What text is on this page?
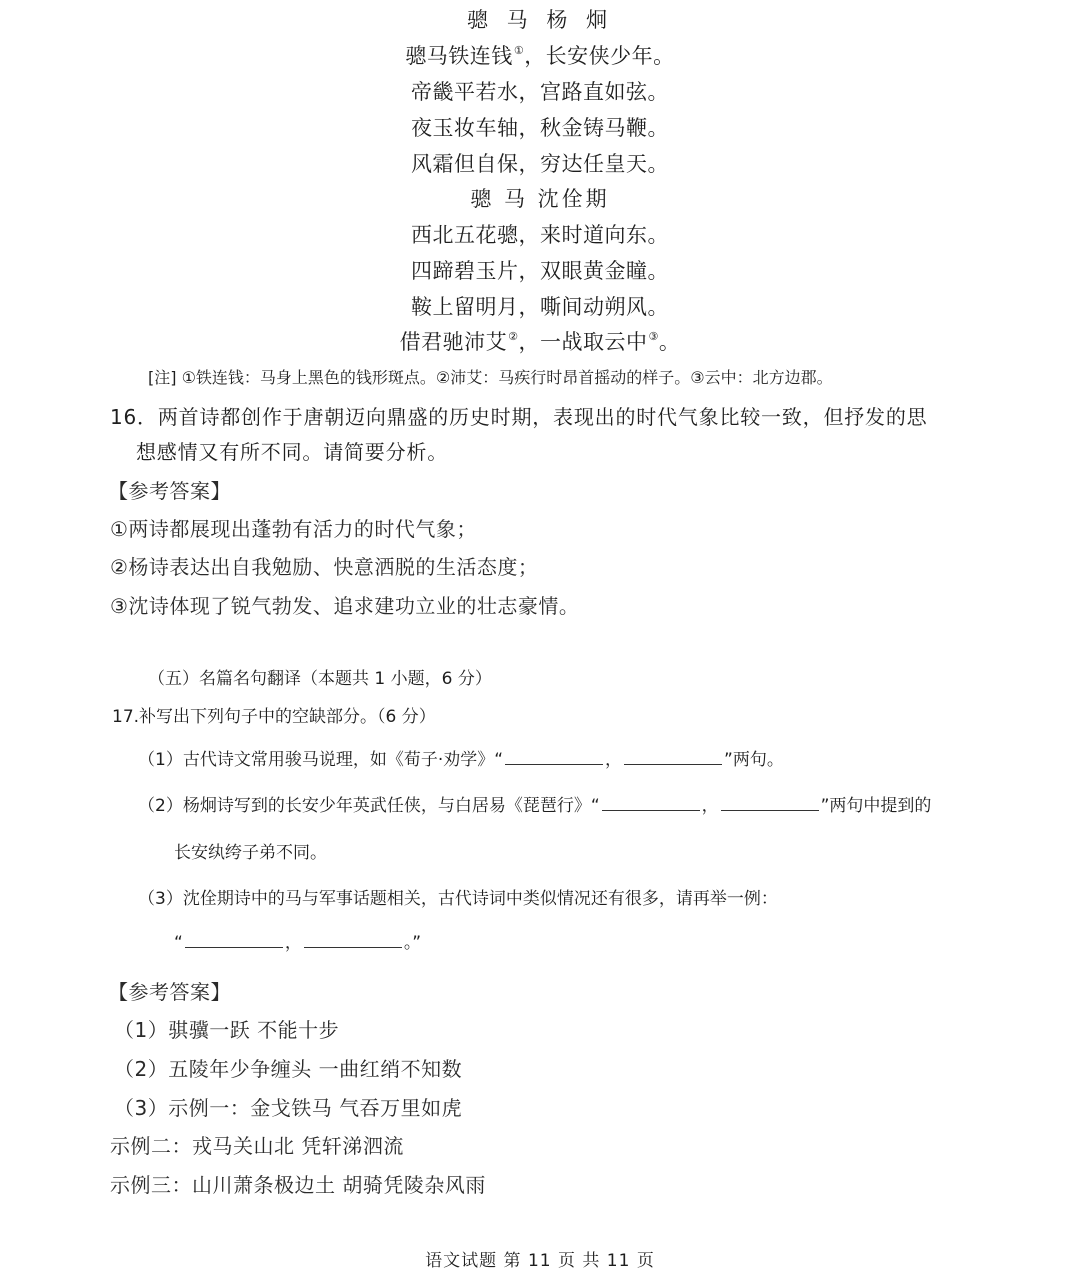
骢 马 杨 炯
骢马铁连钱①，长安侠少年。
帝畿平若水，宫路直如弦。
夜玉妆车轴，秋金铸马鞭。
风霜但自保，穷达任皇天。
骢 马 沈佺期
西北五花骢，来时道向东。
四蹄碧玉片，双眼黄金瞳。
鞍上留明月，嘶间动朔风。
借君驰沛艾②，一战取云中③。
[注] ①铁连钱：马身上黑色的钱形斑点。②沛艾：马疾行时昂首摇动的样子。③云中：北方边郡。
16．两首诗都创作于唐朝迈向鼎盛的历史时期，表现出的时代气象比较一致，但抒发的思
想感情又有所不同。请简要分析。
【参考答案】
①两诗都展现出蓬勃有活力的时代气象；
②杨诗表达出自我勉励、快意洒脱的生活态度；
③沈诗体现了锐气勃发、追求建功立业的壮志豪情。
（五）名篇名句翻译（本题共 1 小题，6 分）
17.补写出下列句子中的空缺部分。（6 分）
（1）古代诗文常用骏马说理，如《荀子·劝学》“	，	”两句。
（2）杨炯诗写到的长安少年英武任侠，与白居易《琵琶行》“	，	”两句中提到的
长安纨绔子弟不同。
（3）沈佺期诗中的马与军事话题相关，古代诗词中类似情况还有很多，请再举一例：
“	，	。”
【参考答案】
（1）骐骥一跃 不能十步
（2）五陵年少争缠头 一曲红绡不知数
（3）示例一：金戈铁马 气吞万里如虎
示例二：戎马关山北 凭轩涕泗流
示例三：山川萧条极边土 胡骑凭陵杂风雨
语文试题 第 11 页 共 11 页
